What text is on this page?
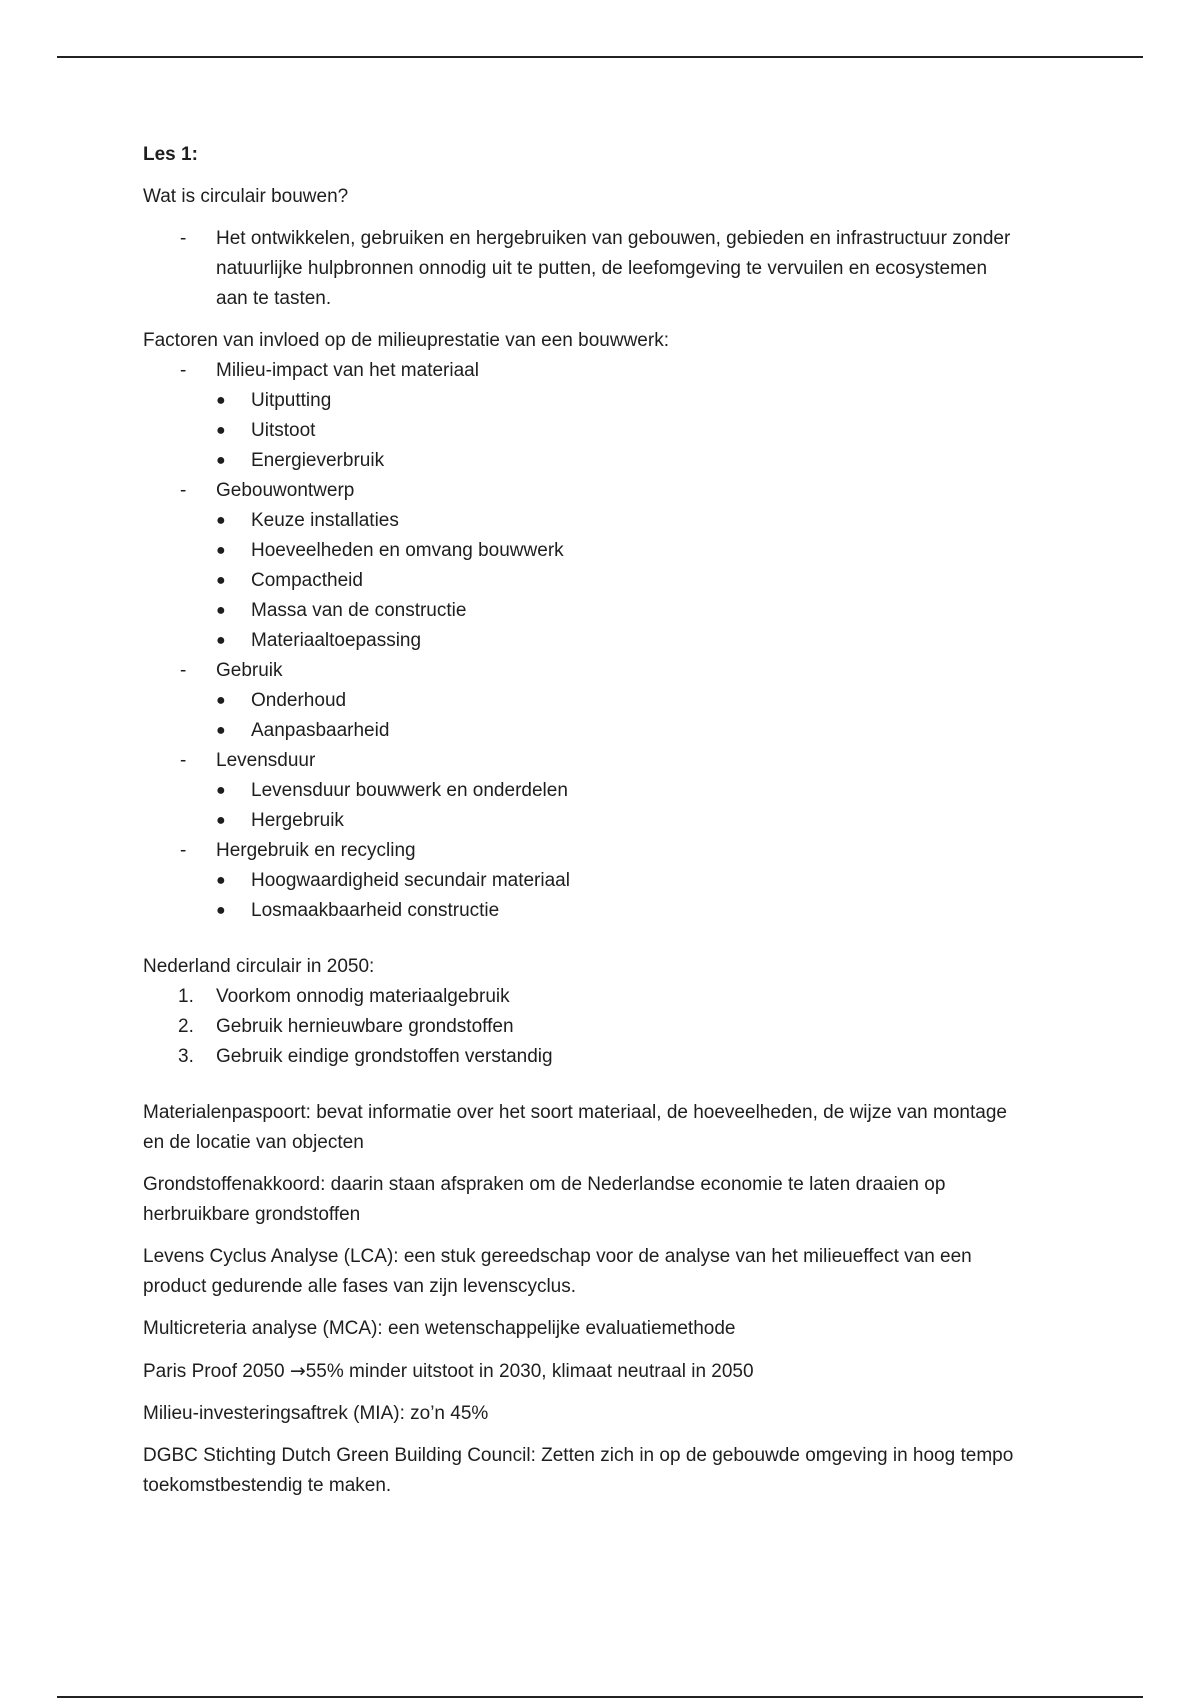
Les 1:
Wat is circulair bouwen?
- Het ontwikkelen, gebruiken en hergebruiken van gebouwen, gebieden en infrastructuur zonder natuurlijke hulpbronnen onnodig uit te putten, de leefomgeving te vervuilen en ecosystemen aan te tasten.
Factoren van invloed op de milieuprestatie van een bouwwerk:
- Milieu-impact van het materiaal
● Uitputting
● Uitstoot
● Energieverbruik
- Gebouwontwerp
● Keuze installaties
● Hoeveelheden en omvang bouwwerk
● Compactheid
● Massa van de constructie
● Materiaaltoepassing
- Gebruik
● Onderhoud
● Aanpasbaarheid
- Levensduur
● Levensduur bouwwerk en onderdelen
● Hergebruik
- Hergebruik en recycling
● Hoogwaardigheid secundair materiaal
● Losmaakbaarheid constructie
Nederland circulair in 2050:
1. Voorkom onnodig materiaalgebruik
2. Gebruik hernieuwbare grondstoffen
3. Gebruik eindige grondstoffen verstandig
Materialenpaspoort: bevat informatie over het soort materiaal, de hoeveelheden, de wijze van montage en de locatie van objecten
Grondstoffenakkoord: daarin staan afspraken om de Nederlandse economie te laten draaien op herbruikbare grondstoffen
Levens Cyclus Analyse (LCA): een stuk gereedschap voor de analyse van het milieueffect van een product gedurende alle fases van zijn levenscyclus.
Multicreteria analyse (MCA): een wetenschappelijke evaluatiemethode
Paris Proof 2050 →55% minder uitstoot in 2030, klimaat neutraal in 2050
Milieu-investeringsaftrek (MIA): zo’n 45%
DGBC Stichting Dutch Green Building Council: Zetten zich in op de gebouwde omgeving in hoog tempo toekomstbestendig te maken.
